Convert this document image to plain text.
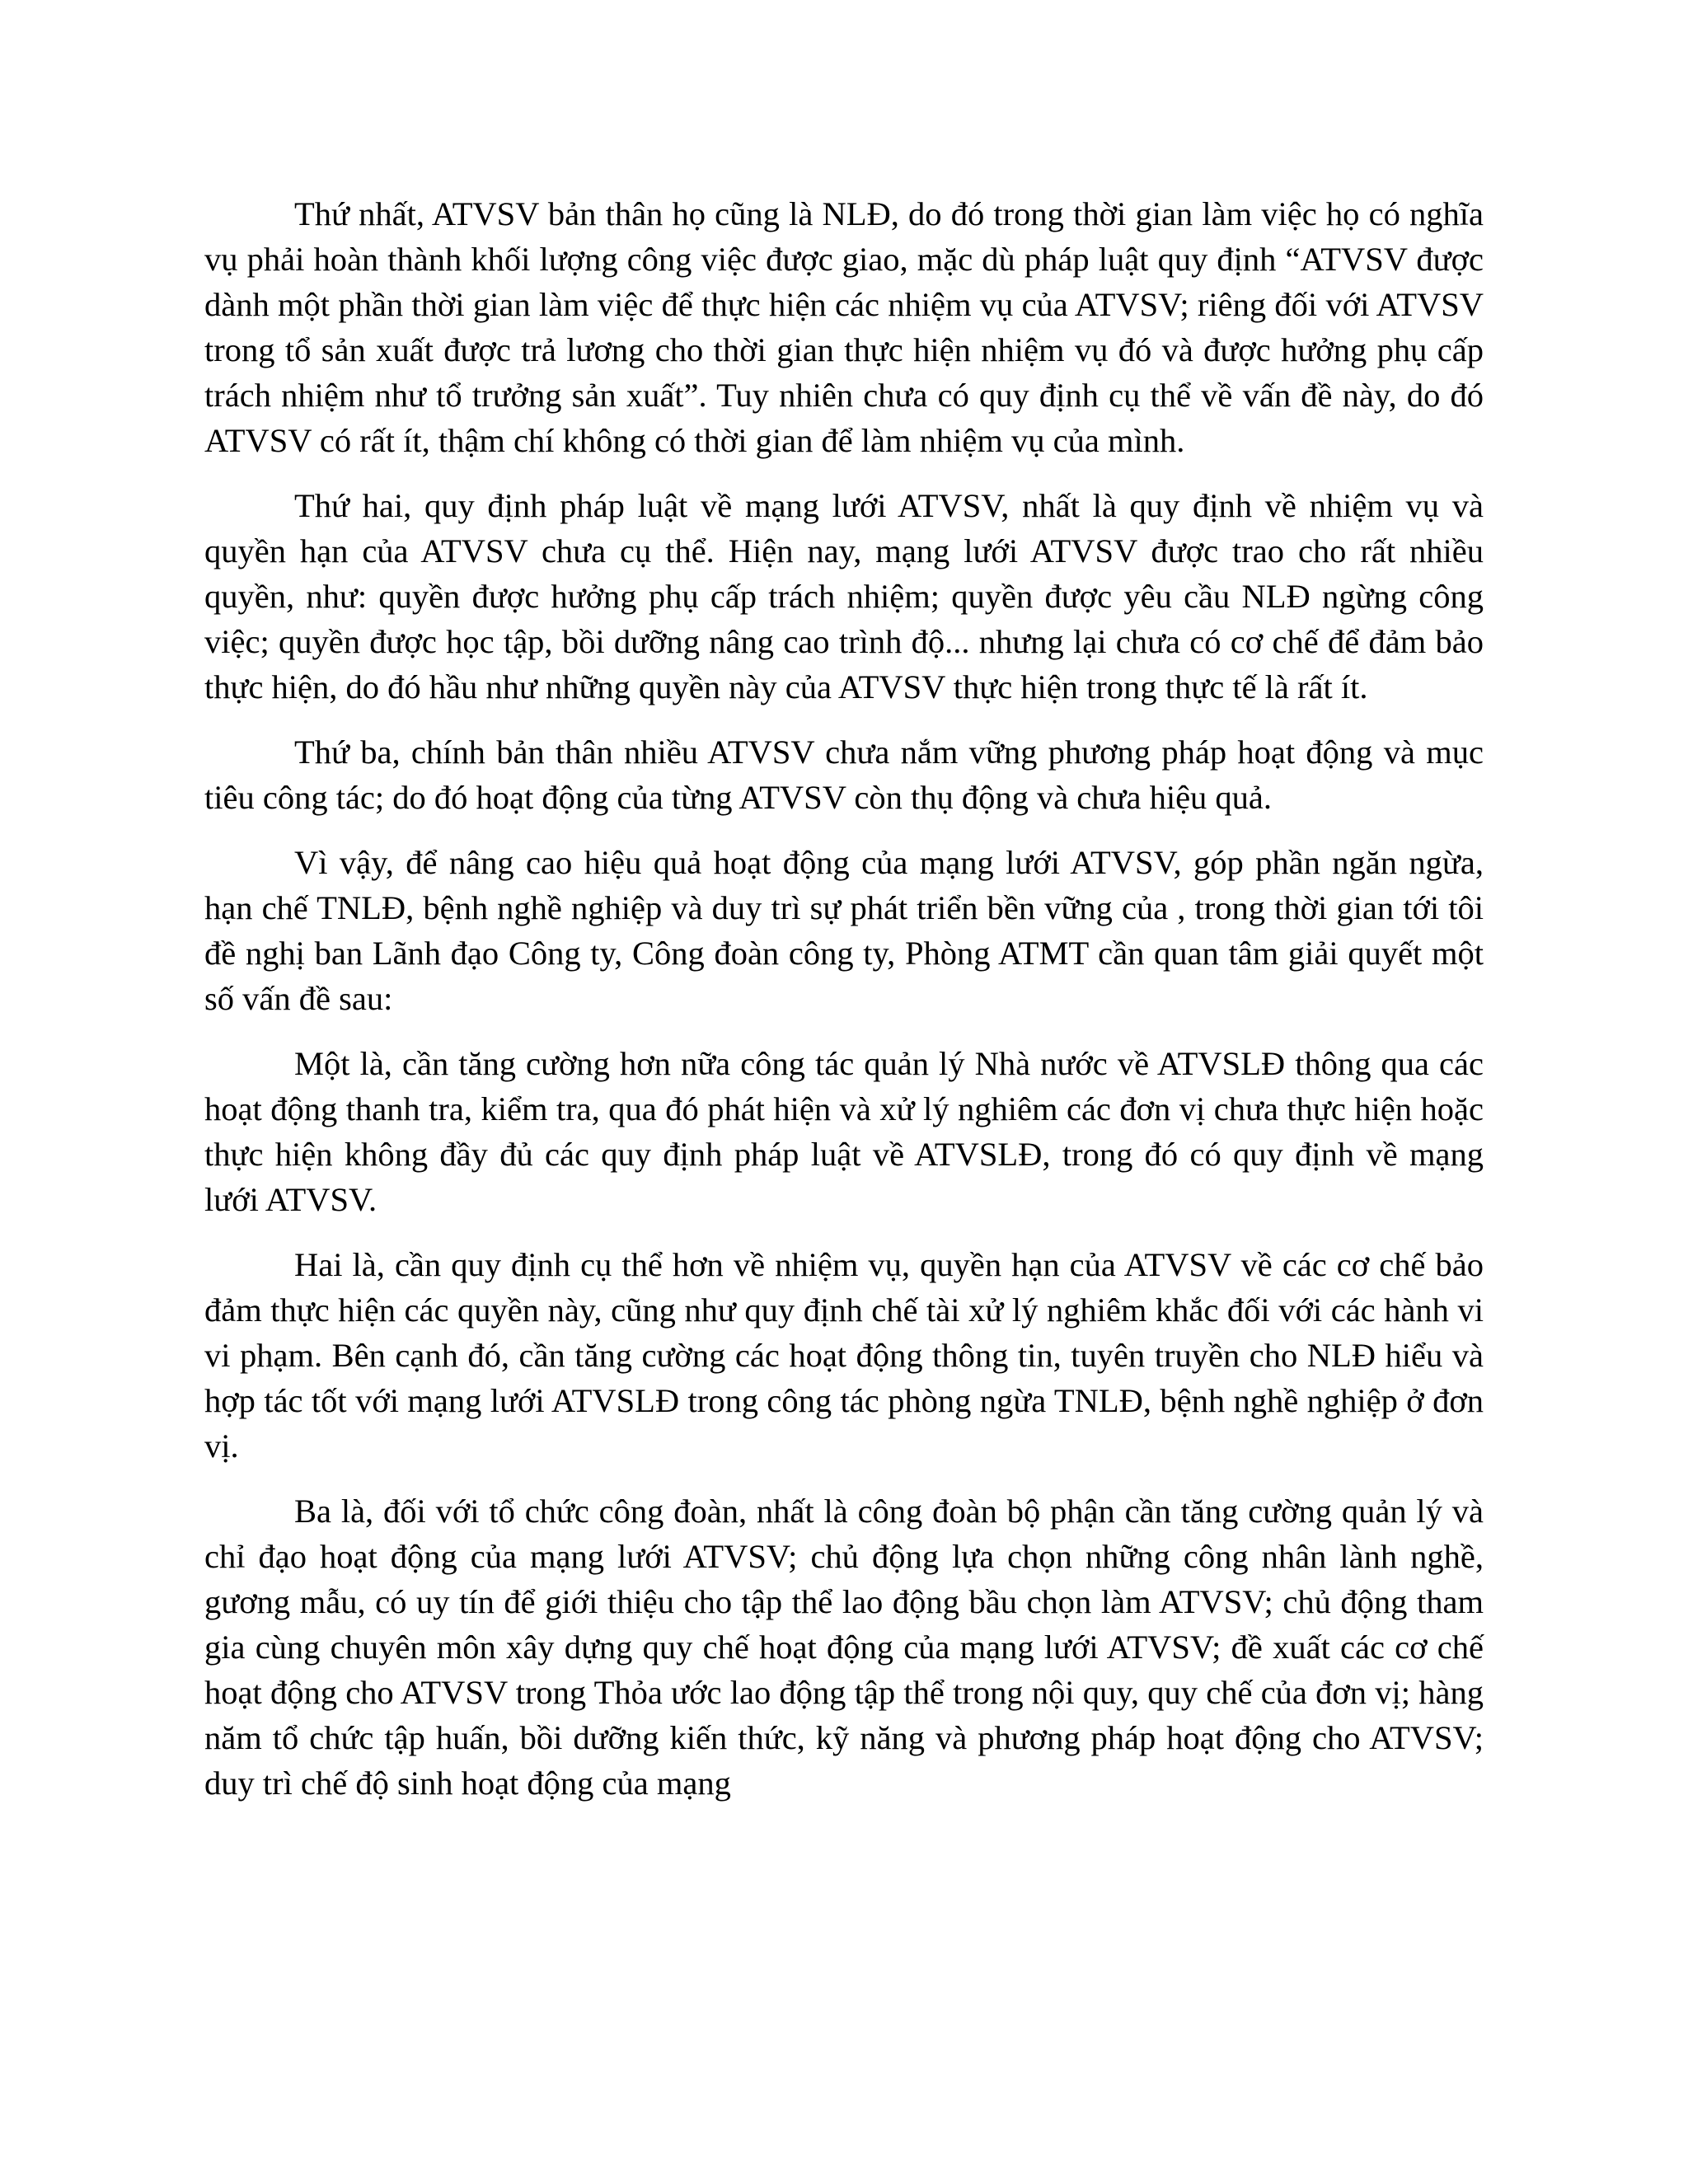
Thứ nhất, ATVSV bản thân họ cũng là NLĐ, do đó trong thời gian làm việc họ có nghĩa vụ phải hoàn thành khối lượng công việc được giao, mặc dù pháp luật quy định “ATVSV được dành một phần thời gian làm việc để thực hiện các nhiệm vụ của ATVSV; riêng đối với ATVSV trong tổ sản xuất được trả lương cho thời gian thực hiện nhiệm vụ đó và được hưởng phụ cấp trách nhiệm như tổ trưởng sản xuất”. Tuy nhiên chưa có quy định cụ thể về vấn đề này, do đó ATVSV có rất ít, thậm chí không có thời gian để làm nhiệm vụ của mình.

Thứ hai, quy định pháp luật về mạng lưới ATVSV, nhất là quy định về nhiệm vụ và quyền hạn của ATVSV chưa cụ thể. Hiện nay, mạng lưới ATVSV được trao cho rất nhiều quyền, như: quyền được hưởng phụ cấp trách nhiệm; quyền được yêu cầu NLĐ ngừng công việc; quyền được học tập, bồi dưỡng nâng cao trình độ... nhưng lại chưa có cơ chế để đảm bảo thực hiện, do đó hầu như những quyền này của ATVSV thực hiện trong thực tế là rất ít.

Thứ ba, chính bản thân nhiều ATVSV chưa nắm vững phương pháp hoạt động và mục tiêu công tác; do đó hoạt động của từng ATVSV còn thụ động và chưa hiệu quả.

Vì vậy, để nâng cao hiệu quả hoạt động của mạng lưới ATVSV, góp phần ngăn ngừa, hạn chế TNLĐ, bệnh nghề nghiệp và duy trì sự phát triển bền vững của , trong thời gian tới tôi đề nghị ban Lãnh đạo Công ty, Công đoàn công ty, Phòng ATMT cần quan tâm giải quyết một số vấn đề sau:

Một là, cần tăng cường hơn nữa công tác quản lý Nhà nước về ATVSLĐ thông qua các hoạt động thanh tra, kiểm tra, qua đó phát hiện và xử lý nghiêm các đơn vị chưa thực hiện hoặc thực hiện không đầy đủ các quy định pháp luật về ATVSLĐ, trong đó có quy định về mạng lưới ATVSV.

Hai là, cần quy định cụ thể hơn về nhiệm vụ, quyền hạn của ATVSV về các cơ chế bảo đảm thực hiện các quyền này, cũng như quy định chế tài xử lý nghiêm khắc đối với các hành vi vi phạm. Bên cạnh đó, cần tăng cường các hoạt động thông tin, tuyên truyền cho NLĐ hiểu và hợp tác tốt với mạng lưới ATVSLĐ trong công tác phòng ngừa TNLĐ, bệnh nghề nghiệp ở đơn vị.

Ba là, đối với tổ chức công đoàn, nhất là công đoàn bộ phận cần tăng cường quản lý và chỉ đạo hoạt động của mạng lưới ATVSV; chủ động lựa chọn những công nhân lành nghề, gương mẫu, có uy tín để giới thiệu cho tập thể lao động bầu chọn làm ATVSV; chủ động tham gia cùng chuyên môn xây dựng quy chế hoạt động của mạng lưới ATVSV; đề xuất các cơ chế hoạt động cho ATVSV trong Thỏa ước lao động tập thể trong nội quy, quy chế của đơn vị; hàng năm tổ chức tập huấn, bồi dưỡng kiến thức, kỹ năng và phương pháp hoạt động cho ATVSV; duy trì chế độ sinh hoạt động của mạng
